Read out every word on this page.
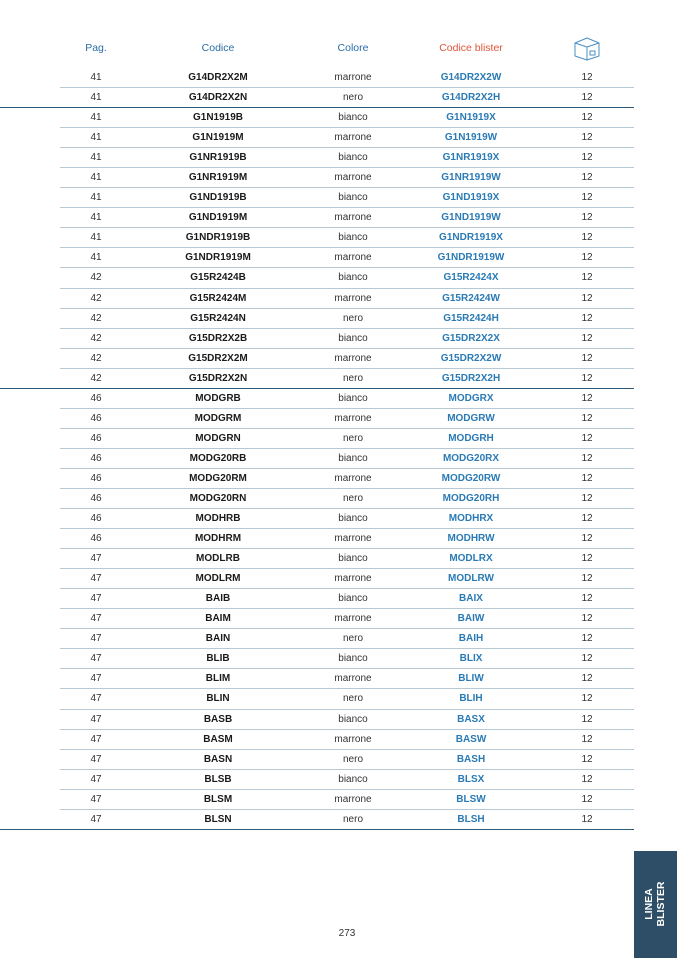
Pag.	Codice	Colore	Codice blister
41	G14DR2X2M	marrone	G14DR2X2W	12
41	G14DR2X2N	nero	G14DR2X2H	12
41	G1N1919B	bianco	G1N1919X	12
41	G1N1919M	marrone	G1N1919W	12
41	G1NR1919B	bianco	G1NR1919X	12
41	G1NR1919M	marrone	G1NR1919W	12
41	G1ND1919B	bianco	G1ND1919X	12
41	G1ND1919M	marrone	G1ND1919W	12
41	G1NDR1919B	bianco	G1NDR1919X	12
41	G1NDR1919M	marrone	G1NDR1919W	12
42	G15R2424B	bianco	G15R2424X	12
42	G15R2424M	marrone	G15R2424W	12
42	G15R2424N	nero	G15R2424H	12
42	G15DR2X2B	bianco	G15DR2X2X	12
42	G15DR2X2M	marrone	G15DR2X2W	12
42	G15DR2X2N	nero	G15DR2X2H	12
46	MODGRB	bianco	MODGRX	12
46	MODGRM	marrone	MODGRW	12
46	MODGRN	nero	MODGRH	12
46	MODG20RB	bianco	MODG20RX	12
46	MODG20RM	marrone	MODG20RW	12
46	MODG20RN	nero	MODG20RH	12
46	MODHRB	bianco	MODHRX	12
46	MODHRM	marrone	MODHRW	12
47	MODLRB	bianco	MODLRX	12
47	MODLRM	marrone	MODLRW	12
47	BAIB	bianco	BAIX	12
47	BAIM	marrone	BAIW	12
47	BAIN	nero	BAIH	12
47	BLIB	bianco	BLIX	12
47	BLIM	marrone	BLIW	12
47	BLIN	nero	BLIH	12
47	BASB	bianco	BASX	12
47	BASM	marrone	BASW	12
47	BASN	nero	BASH	12
47	BLSB	bianco	BLSX	12
47	BLSM	marrone	BLSW	12
47	BLSN	nero	BLSH	12
273
LINEA BLISTER
